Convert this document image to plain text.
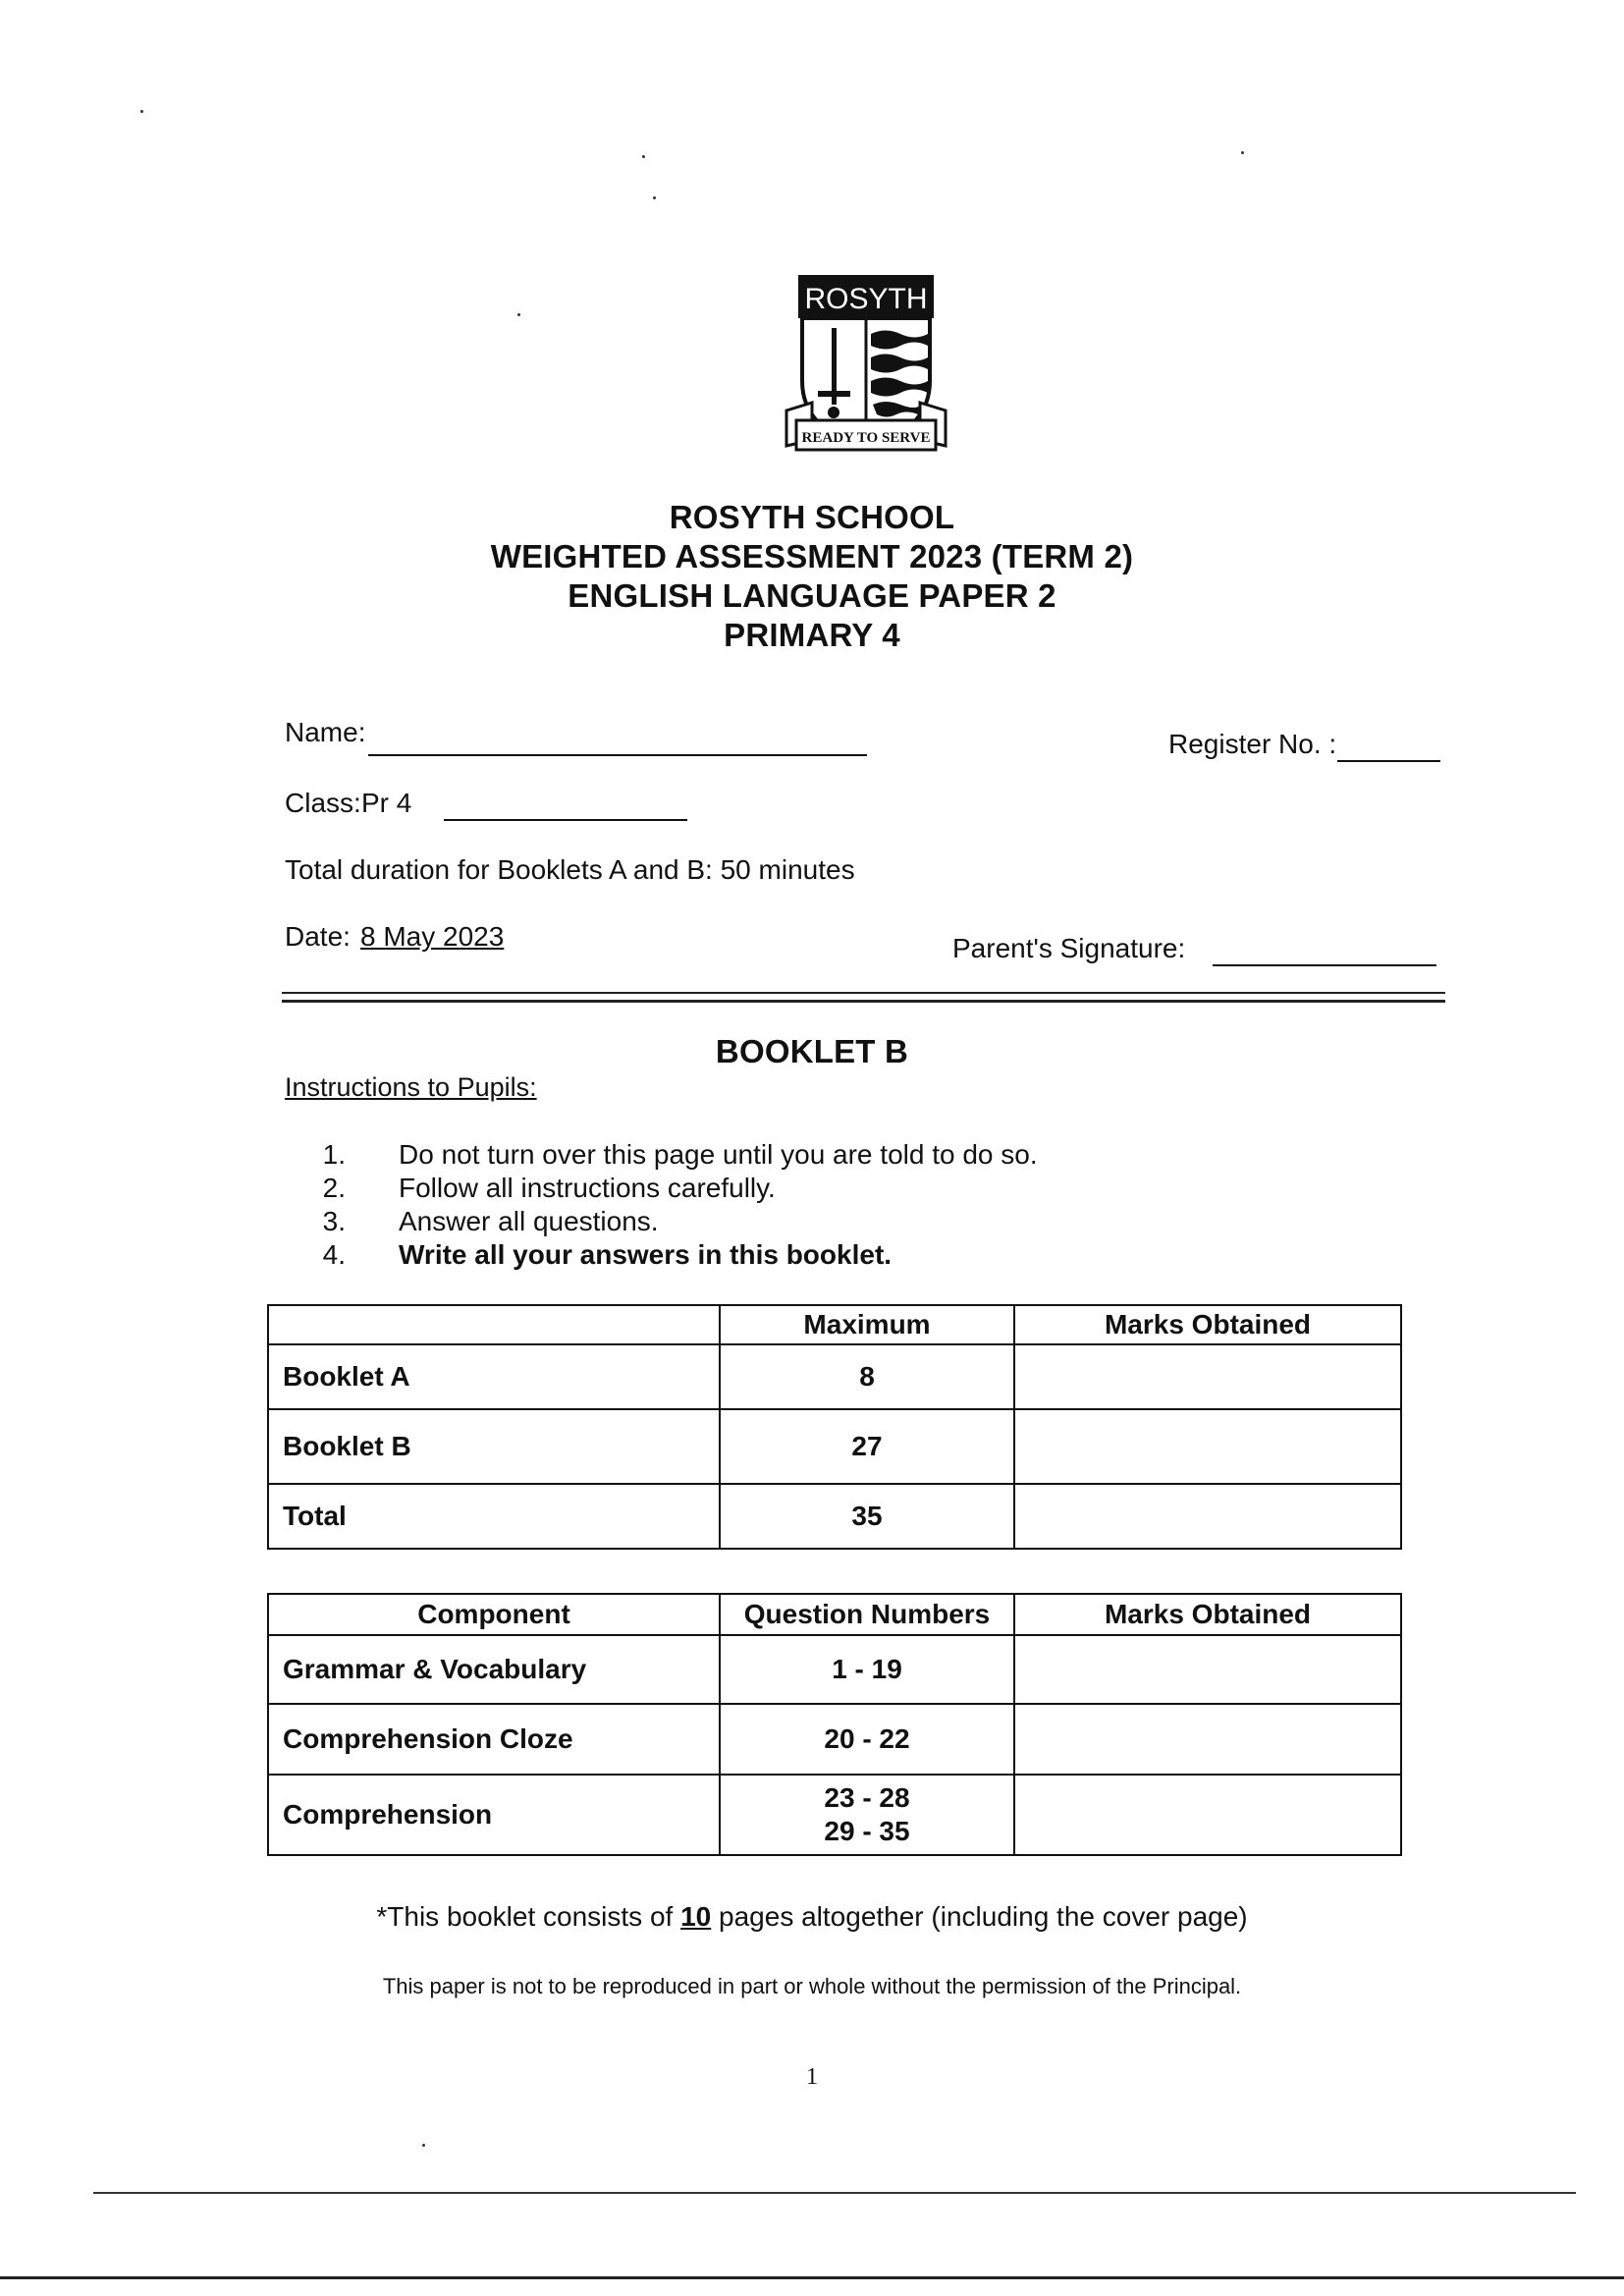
ROSYTH
READY TO SERVE
ROSYTH SCHOOL
WEIGHTED ASSESSMENT 2023 (TERM 2)
ENGLISH LANGUAGE PAPER 2
PRIMARY 4
Name:	Register No. :
Class: Pr 4
Total duration for Booklets A and B: 50 minutes
Date: 8 May 2023	Parent's Signature:
BOOKLET B
Instructions to Pupils:
1. Do not turn over this page until you are told to do so.
2. Follow all instructions carefully.
3. Answer all questions.
4. Write all your answers in this booklet.
	Maximum	Marks Obtained
Booklet A	8	
Booklet B	27	
Total	35	
Component	Question Numbers	Marks Obtained
Grammar & Vocabulary	1 - 19	
Comprehension Cloze	20 - 22	
Comprehension	23 - 28
29 - 35	

*This booklet consists of 10 pages altogether (including the cover page)
This paper is not to be reproduced in part or whole without the permission of the Principal.
1
